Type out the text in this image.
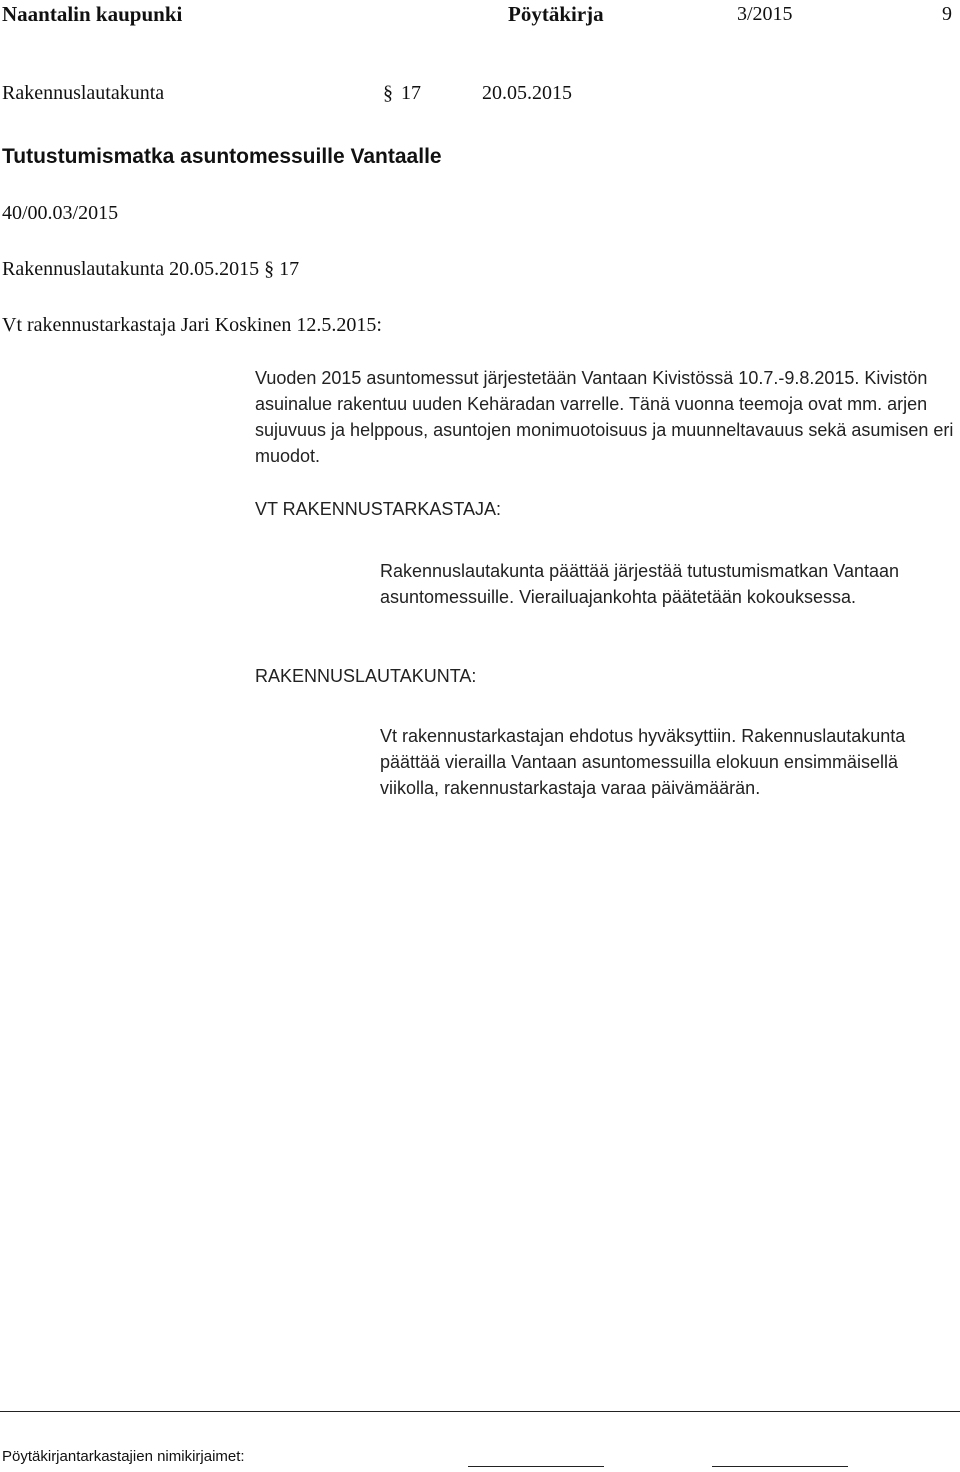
Naantalin kaupunki	Pöytäkirja	3/2015	9
Rakennuslautakunta	§ 17	20.05.2015
Tutustumismatka asuntomessuille Vantaalle
40/00.03/2015
Rakennuslautakunta 20.05.2015 § 17
Vt rakennustarkastaja Jari Koskinen 12.5.2015:
Vuoden 2015 asuntomessut järjestetään Vantaan Kivistössä 10.7.-9.8.2015. Kivistön asuinalue rakentuu uuden Kehäradan varrelle. Tänä vuonna teemoja ovat mm. arjen sujuvuus ja helppous, asuntojen monimuotoisuus ja muunneltavauus sekä asumisen eri muodot.
VT RAKENNUSTARKASTAJA:
Rakennuslautakunta päättää järjestää tutustumismatkan Vantaan asuntomessuille. Vierailuajankohta päätetään kokouksessa.
RAKENNUSLAUTAKUNTA:
Vt rakennustarkastajan ehdotus hyväksyttiin. Rakennuslautakunta päättää vierailla Vantaan asuntomessuilla elokuun ensimmäisellä viikolla, rakennustarkastaja varaa päivämäärän.
Pöytäkirjantarkastajien nimikirjaimet:
